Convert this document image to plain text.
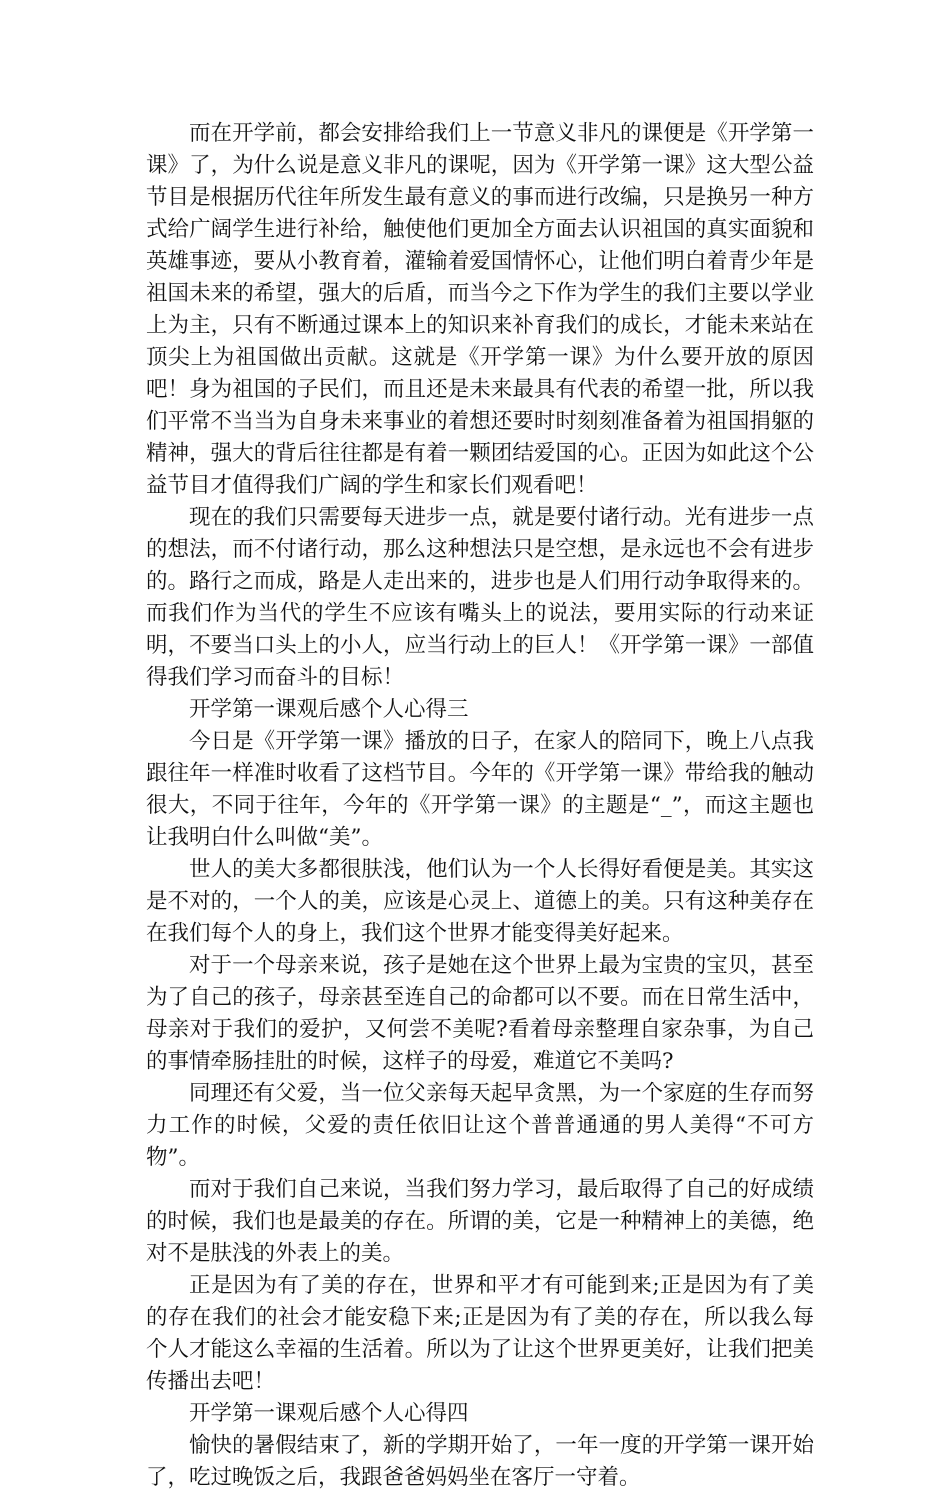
而在开学前，都会安排给我们上一节意义非凡的课便是《开学第一课》了，为什么说是意义非凡的课呢，因为《开学第一课》这大型公益节目是根据历代往年所发生最有意义的事而进行改编，只是换另一种方式给广阔学生进行补给，触使他们更加全方面去认识祖国的真实面貌和英雄事迹，要从小教育着，灌输着爱国情怀心，让他们明白着青少年是祖国未来的希望，强大的后盾，而当今之下作为学生的我们主要以学业上为主，只有不断通过课本上的知识来补育我们的成长，才能未来站在顶尖上为祖国做出贡献。这就是《开学第一课》为什么要开放的原因吧！身为祖国的子民们，而且还是未来最具有代表的希望一批，所以我们平常不当当为自身未来事业的着想还要时时刻刻准备着为祖国捐躯的精神，强大的背后往往都是有着一颗团结爱国的心。正因为如此这个公益节目才值得我们广阔的学生和家长们观看吧！

现在的我们只需要每天进步一点，就是要付诸行动。光有进步一点的想法，而不付诸行动，那么这种想法只是空想，是永远也不会有进步的。路行之而成，路是人走出来的，进步也是人们用行动争取得来的。而我们作为当代的学生不应该有嘴头上的说法，要用实际的行动来证明，不要当口头上的小人，应当行动上的巨人！《开学第一课》一部值得我们学习而奋斗的目标！

开学第一课观后感个人心得三

今日是《开学第一课》播放的日子，在家人的陪同下，晚上八点我跟往年一样准时收看了这档节目。今年的《开学第一课》带给我的触动很大，不同于往年，今年的《开学第一课》的主题是“_”，而这主题也让我明白什么叫做“美”。

世人的美大多都很肤浅，他们认为一个人长得好看便是美。其实这是不对的，一个人的美，应该是心灵上、道德上的美。只有这种美存在在我们每个人的身上，我们这个世界才能变得美好起来。

对于一个母亲来说，孩子是她在这个世界上最为宝贵的宝贝，甚至为了自己的孩子，母亲甚至连自己的命都可以不要。而在日常生活中，母亲对于我们的爱护，又何尝不美呢?看着母亲整理自家杂事，为自己的事情牵肠挂肚的时候，这样子的母爱，难道它不美吗?

同理还有父爱，当一位父亲每天起早贪黑，为一个家庭的生存而努力工作的时候，父爱的责任依旧让这个普普通通的男人美得“不可方物”。

而对于我们自己来说，当我们努力学习，最后取得了自己的好成绩的时候，我们也是最美的存在。所谓的美，它是一种精神上的美德，绝对不是肤浅的外表上的美。

正是因为有了美的存在，世界和平才有可能到来;正是因为有了美的存在我们的社会才能安稳下来;正是因为有了美的存在，所以我么每个人才能这么幸福的生活着。所以为了让这个世界更美好，让我们把美传播出去吧！

开学第一课观后感个人心得四

愉快的暑假结束了，新的学期开始了，一年一度的开学第一课开始了，吃过晚饭之后，我跟爸爸妈妈坐在客厅一守着。
